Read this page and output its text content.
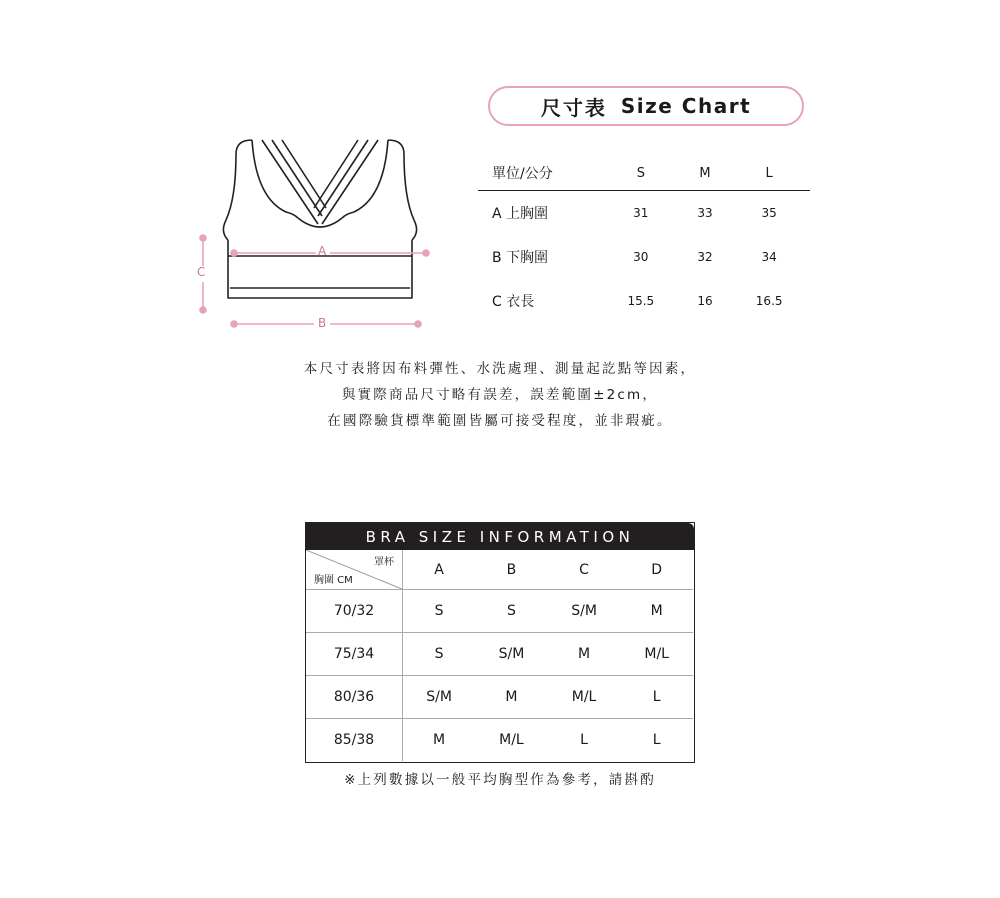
A
B
C
尺寸表 Size Chart
單位/公分	S	M	L
A 上胸圍	31	33	35
B 下胸圍	30	32	34
C 衣長	15.5	16	16.5
本尺寸表將因布料彈性、水洗處理、測量起訖點等因素，
與實際商品尺寸略有誤差，誤差範圍±2cm，
在國際驗貨標準範圍皆屬可接受程度，並非瑕疵。
BRA SIZE INFORMATION
罩杯
胸圍 CM	A	B	C	D
70/32	S	S	S/M	M
75/34	S	S/M	M	M/L
80/36	S/M	M	M/L	L
85/38	M	M/L	L	L
※上列數據以一般平均胸型作為參考，請斟酌
